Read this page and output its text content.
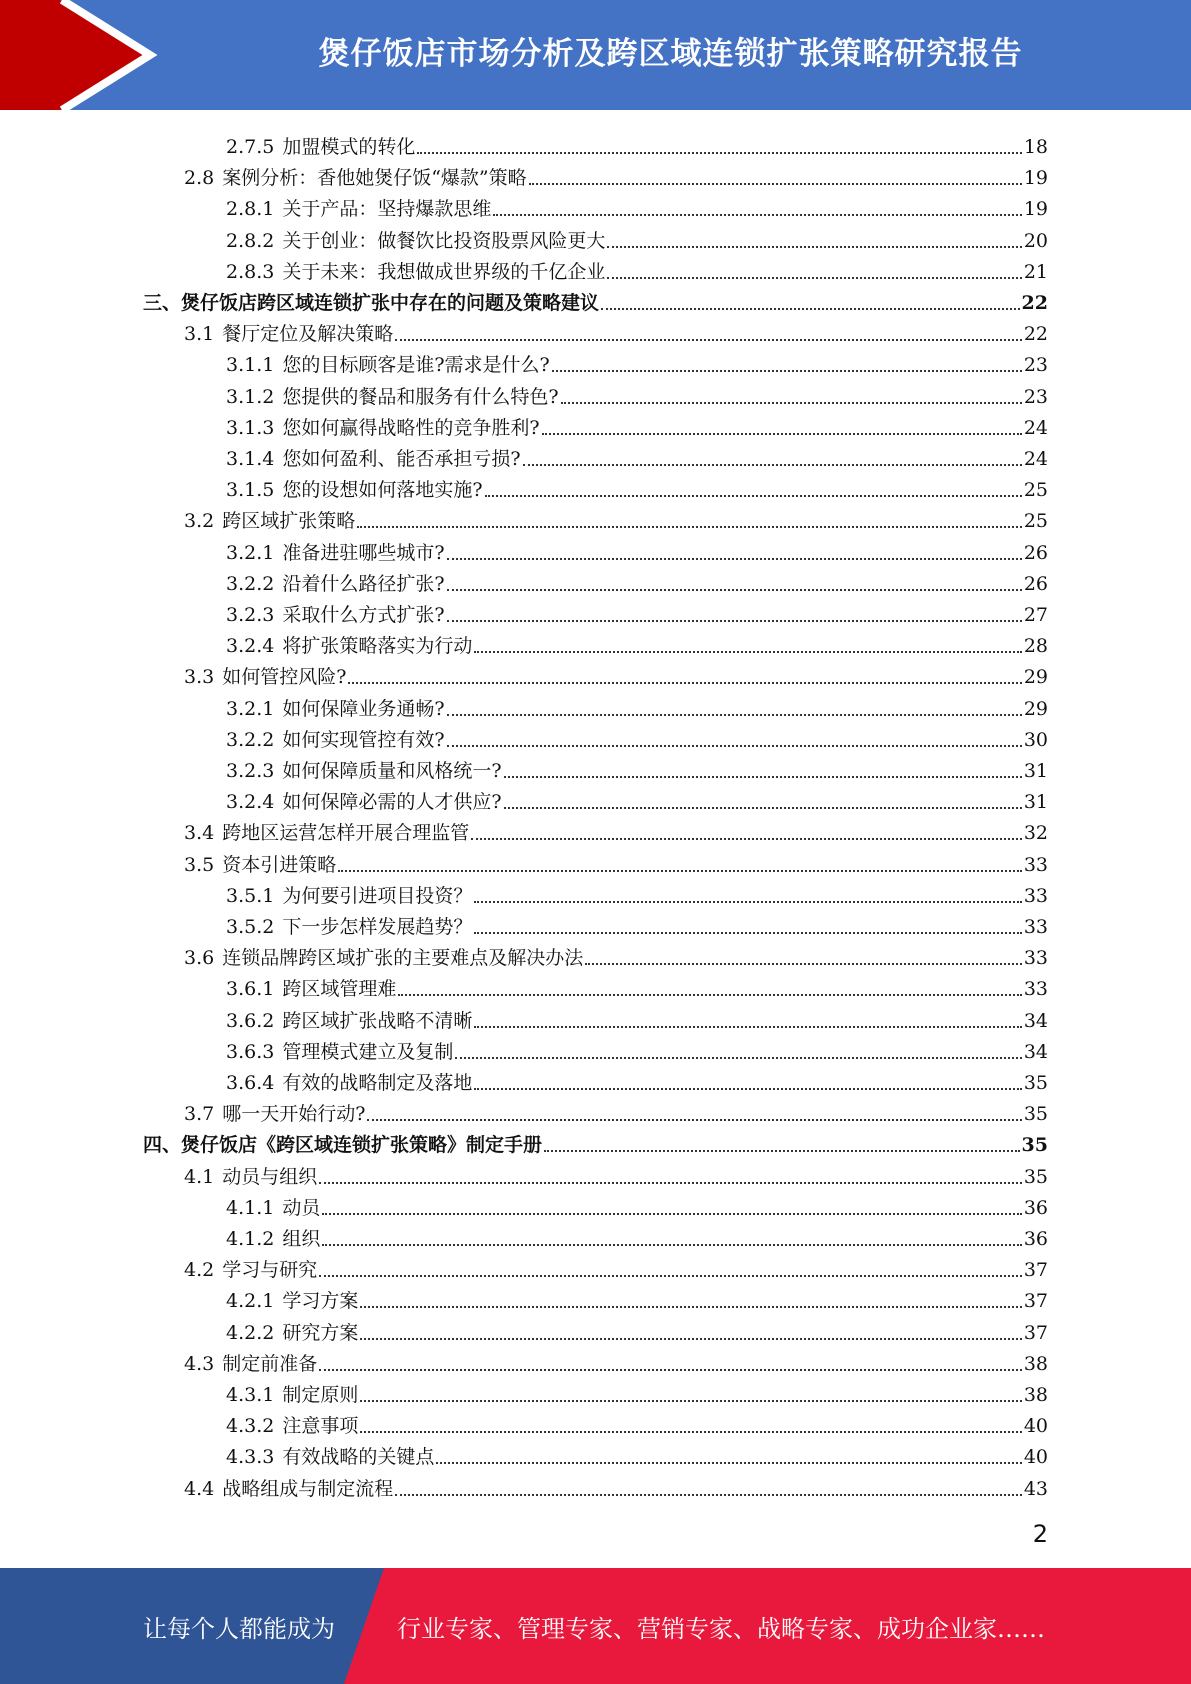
煲仔饭店市场分析及跨区域连锁扩张策略研究报告
2.7.5 加盟模式的转化	18
2.8 案例分析：香他她煲仔饭“爆款”策略	19
2.8.1 关于产品：坚持爆款思维	19
2.8.2 关于创业：做餐饮比投资股票风险更大	20
2.8.3 关于未来：我想做成世界级的千亿企业	21
三、煲仔饭店跨区域连锁扩张中存在的问题及策略建议	22
3.1 餐厅定位及解决策略	22
3.1.1 您的目标顾客是谁?需求是什么?	23
3.1.2 您提供的餐品和服务有什么特色?	23
3.1.3 您如何赢得战略性的竞争胜利?	24
3.1.4 您如何盈利、能否承担亏损?	24
3.1.5 您的设想如何落地实施?	25
3.2 跨区域扩张策略	25
3.2.1 准备进驻哪些城市?	26
3.2.2 沿着什么路径扩张?	26
3.2.3 采取什么方式扩张?	27
3.2.4 将扩张策略落实为行动	28
3.3 如何管控风险?	29
3.2.1 如何保障业务通畅?	29
3.2.2 如何实现管控有效?	30
3.2.3 如何保障质量和风格统一?	31
3.2.4 如何保障必需的人才供应?	31
3.4 跨地区运营怎样开展合理监管	32
3.5 资本引进策略	33
3.5.1 为何要引进项目投资？	33
3.5.2 下一步怎样发展趋势？	33
3.6 连锁品牌跨区域扩张的主要难点及解决办法	33
3.6.1 跨区域管理难	33
3.6.2 跨区域扩张战略不清晰	34
3.6.3 管理模式建立及复制	34
3.6.4 有效的战略制定及落地	35
3.7 哪一天开始行动?	35
四、煲仔饭店《跨区域连锁扩张策略》制定手册	35
4.1 动员与组织	35
4.1.1 动员	36
4.1.2 组织	36
4.2 学习与研究	37
4.2.1 学习方案	37
4.2.2 研究方案	37
4.3 制定前准备	38
4.3.1 制定原则	38
4.3.2 注意事项	40
4.3.3 有效战略的关键点	40
4.4 战略组成与制定流程	43
2
让每个人都能成为	行业专家、管理专家、营销专家、战略专家、成功企业家……
